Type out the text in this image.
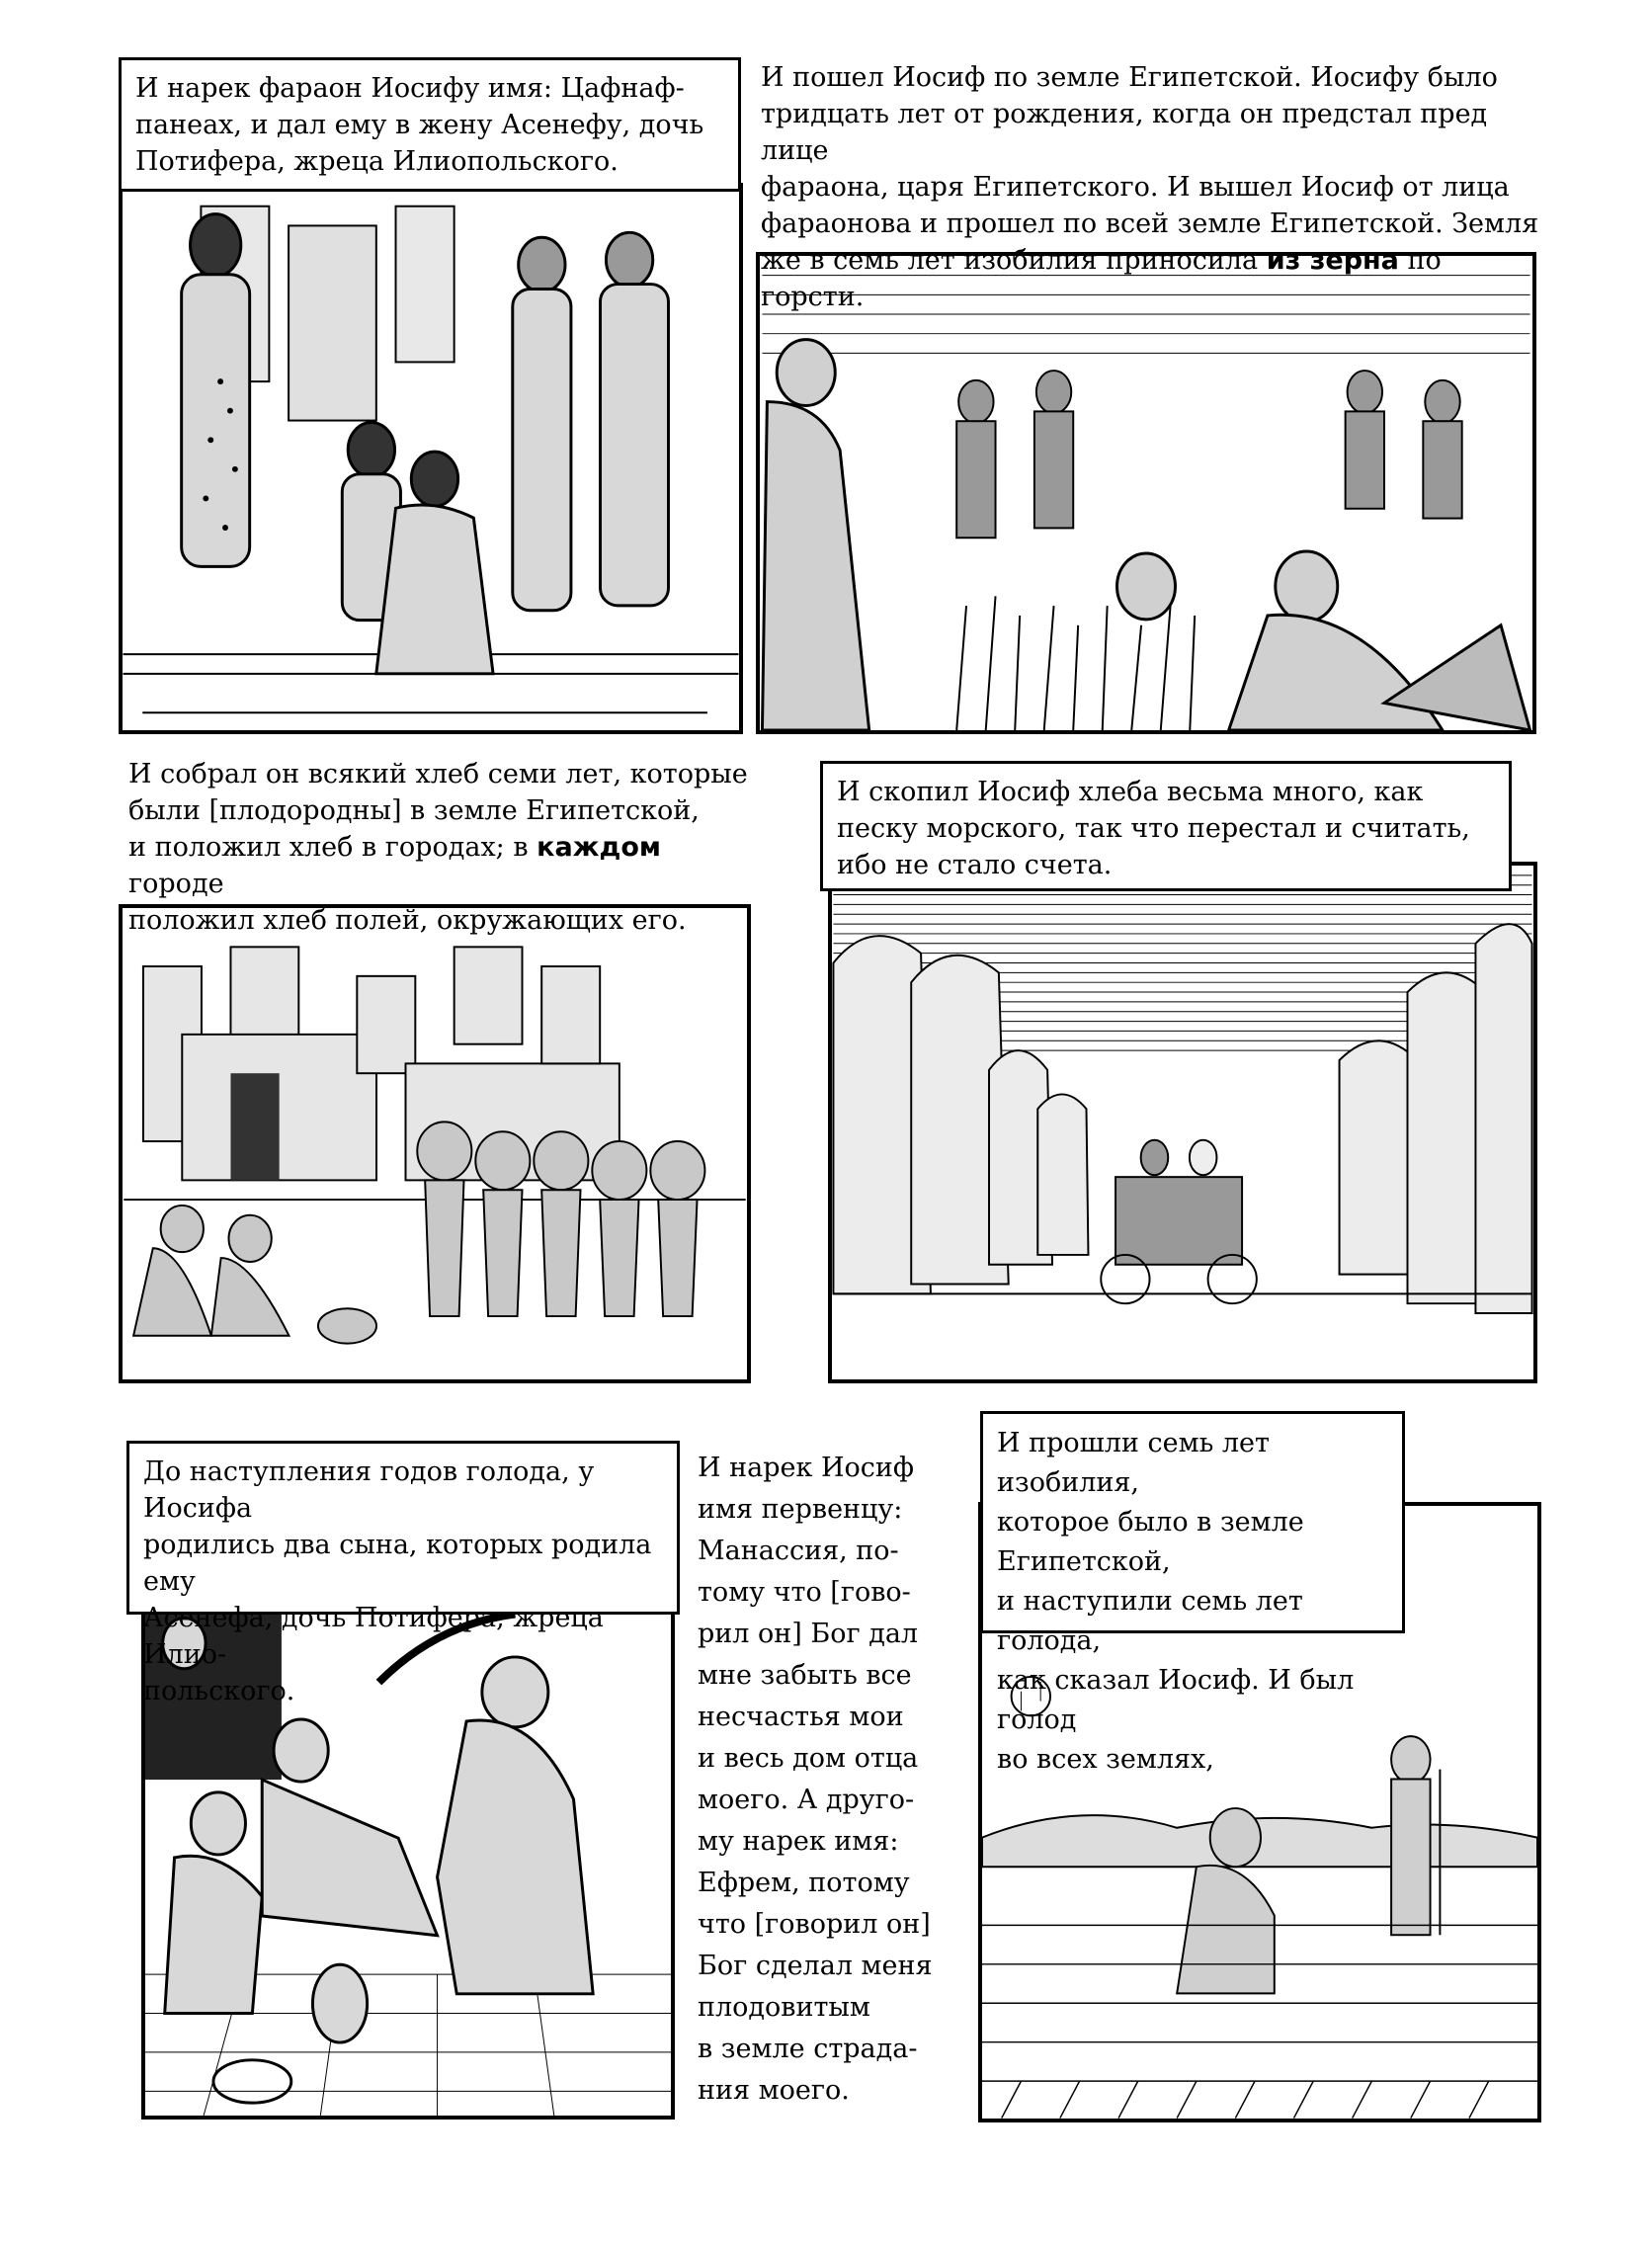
И нарек фараон Иосифу имя: Цафнаф-
панеах, и дал ему в жену Асенефу, дочь
Потифера, жреца Илиопольского.
И пошел Иосиф по земле Египетской. Иосифу было
тридцать лет от рождения, когда он предстал пред лице
фараона, царя Египетского. И вышел Иосиф от лица
фараонова и прошел по всей земле Египетской. Земля
же в семь лет изобилия приносила из зерна по горсти.
И собрал он всякий хлеб семи лет, которые
были [плодородны] в земле Египетской,
и положил хлеб в городах; в каждом городе
положил хлеб полей, окружающих его.
И скопил Иосиф хлеба весьма много, как
песку морского, так что перестал и считать,
ибо не стало счета.
До наступления годов голода, у Иосифа
родились два сына, которых родила ему
Асенефа, дочь Потифера, жреца Илио-
польского.
И нарек Иосиф
имя первенцу:
Манассия, по-
тому что [гово-
рил он] Бог дал
мне забыть все
несчастья мои
и весь дом отца
моего. А друго-
му нарек имя:
Ефрем, потому
что [говорил он]
Бог сделал меня
плодовитым
в земле страда-
ния моего.
И прошли семь лет изобилия,
которое было в земле Египетской,
и наступили семь лет голода,
как сказал Иосиф. И был голод
во всех землях,
